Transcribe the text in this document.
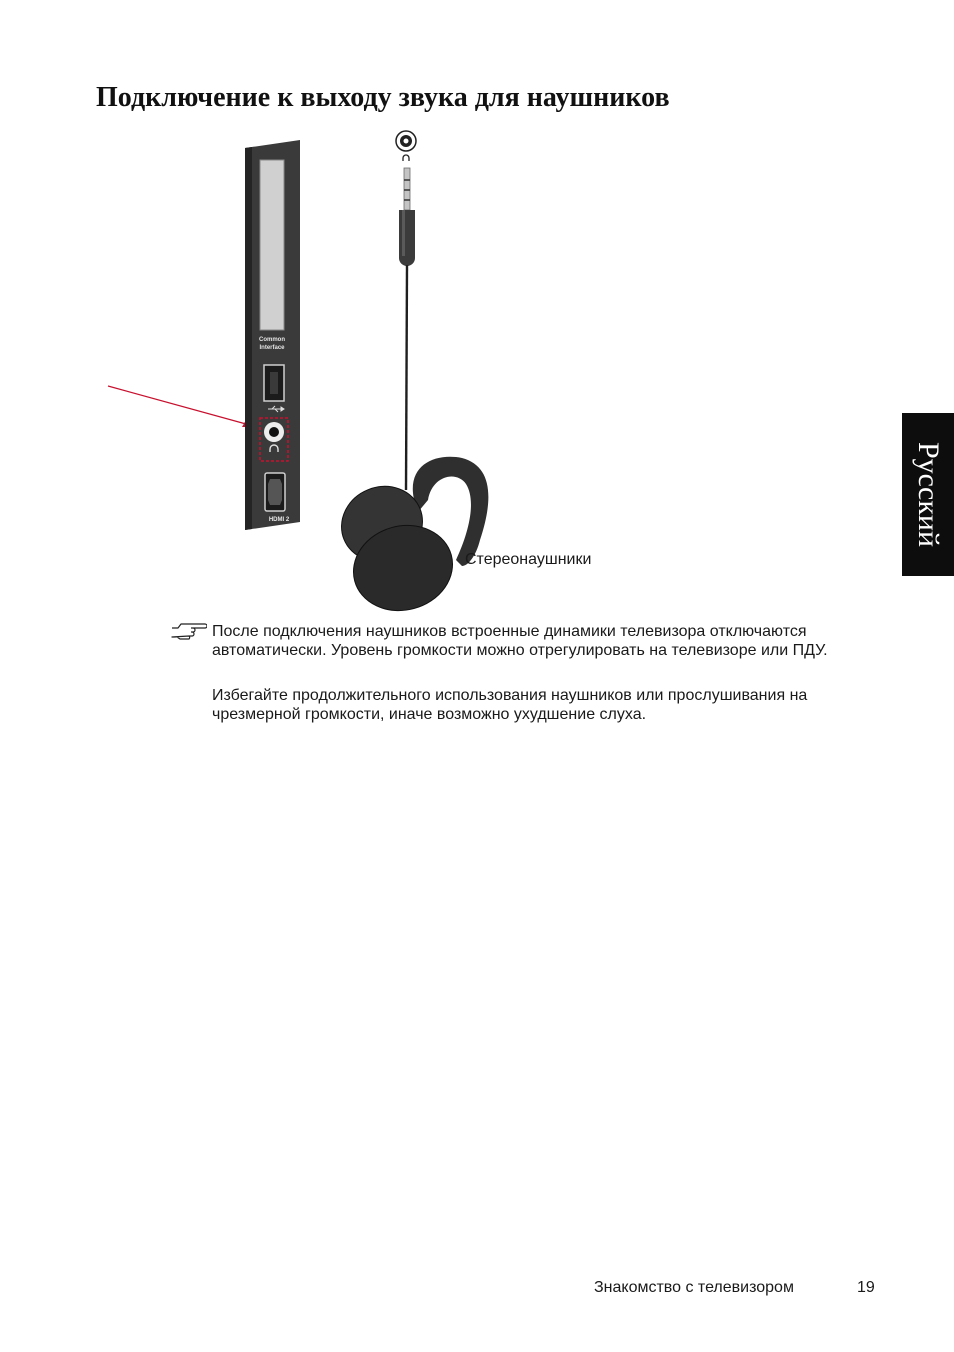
Подключение к выходу звука для наушников
Русский
Common
Interface
HDMI 2
Стереонаушники
После подключения наушников встроенные динамики телевизора отключаются автоматически. Уровень громкости можно отрегулировать на телевизоре или ПДУ.
Избегайте продолжительного использования наушников или прослушивания на чрезмерной громкости, иначе возможно ухудшение слуха.
Знакомство с телевизором	19
